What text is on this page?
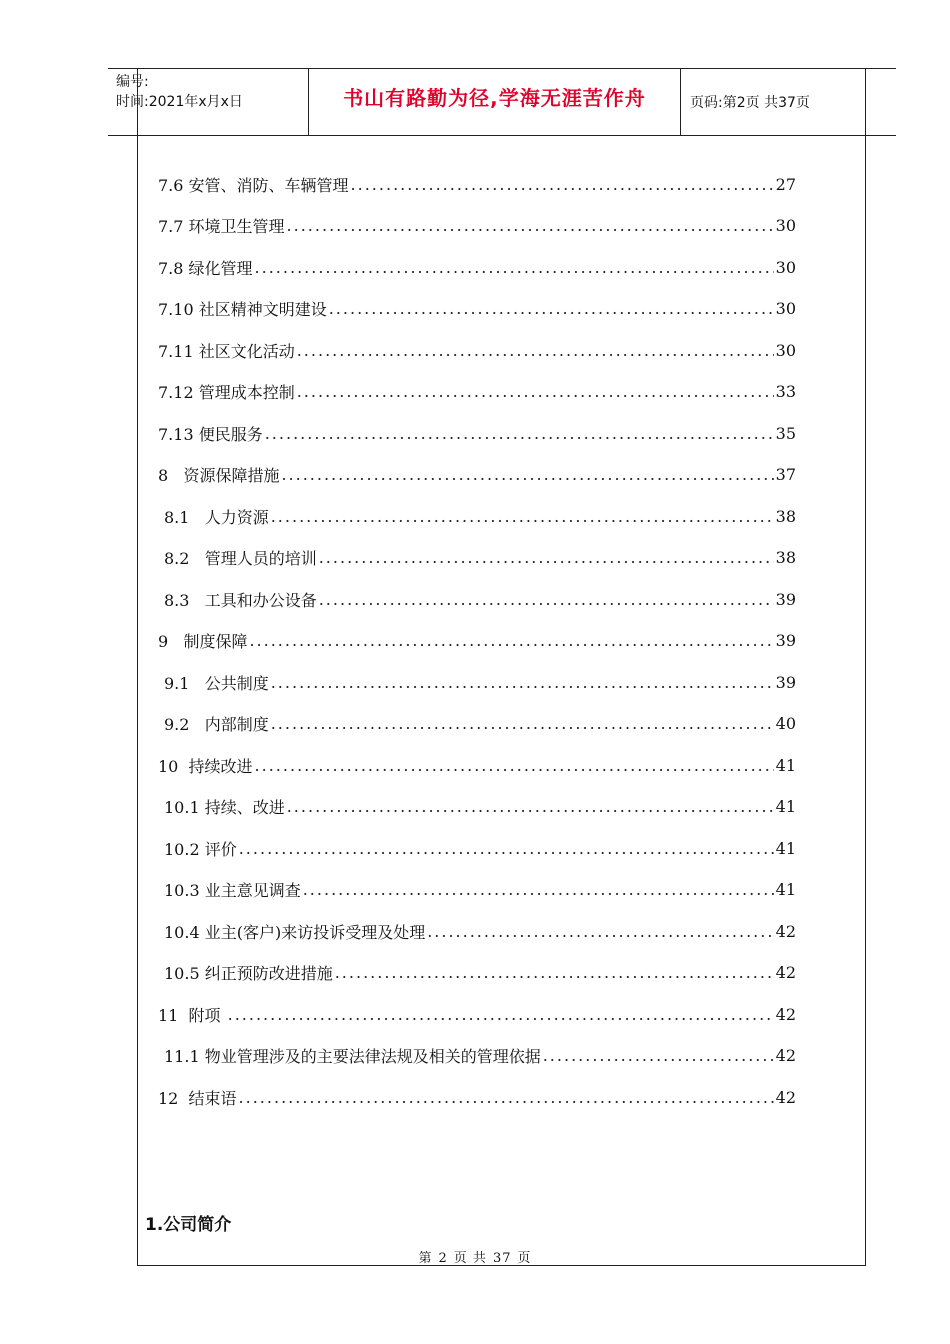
编号:
时间:2021年x月x日	书山有路勤为径,学海无涯苦作舟	页码:第2页 共37页
7.6 安管、消防、车辆管理 .....	27
7.7 环境卫生管理 .....	30
7.8 绿化管理 .....	30
7.10 社区精神文明建设 .....	30
7.11 社区文化活动 .....	30
7.12 管理成本控制 .....	33
7.13 便民服务 .....	35
8   资源保障措施 .....	37
8.1   人力资源 .....	38
8.2   管理人员的培训 .....	38
8.3   工具和办公设备 .....	39
9   制度保障 .....	39
9.1   公共制度 .....	39
9.2   内部制度 .....	40
10  持续改进 .....	41
10.1 持续、改进 .....	41
10.2 评价 .....	41
10.3 业主意见调查 .....	41
10.4 业主(客户)来访投诉受理及处理 .....	42
10.5 纠正预防改进措施 .....	42
11  附项 .....	42
11.1 物业管理涉及的主要法律法规及相关的管理依据 .....	42
12  结束语 .....	42
1.公司简介
第 2 页 共 37 页
